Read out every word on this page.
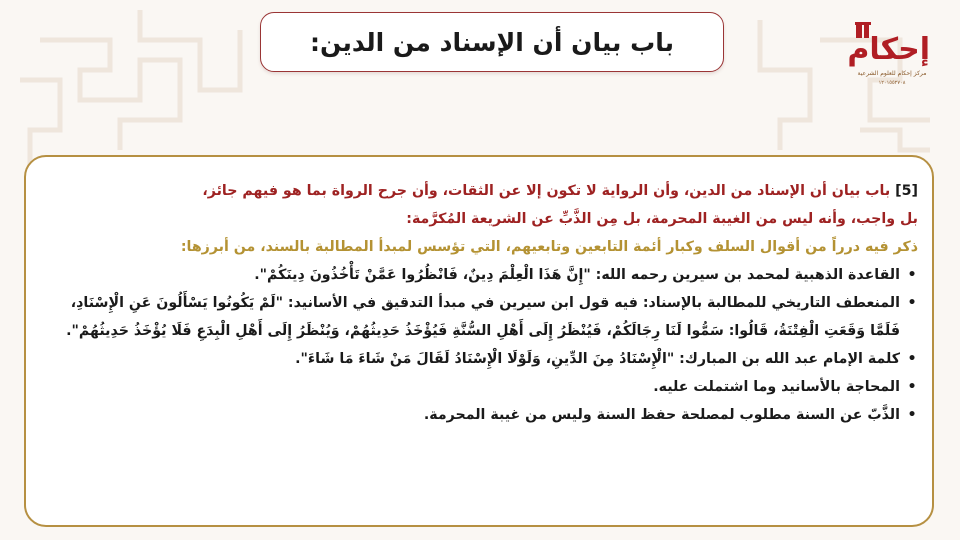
باب بيان أن الإسناد من الدين:	إحكام
مركز إحكام للعلوم الشرعية
١٢٠١٥٥٢٧٠٨

[5] باب بيان أن الإسناد من الدين، وأن الرواية لا تكون إلا عن الثقات، وأن جرح الرواة بما هو فيهم جائز،

بل واجب، وأنه ليس من الغيبة المحرمة، بل مِن الذَّبِّ عن الشريعة المُكرَّمة:

ذكر فيه درراً من أقوال السلف وكبار أئمة التابعين وتابعيهم، التي تؤسس لمبدأ المطالبة بالسند، من أبرزها:

•
القاعدة الذهبية لمحمد بن سيرين رحمه الله: "إِنَّ هَذَا الْعِلْمَ دِينٌ، فَانْظُرُوا عَمَّنْ تَأْخُذُونَ دِينَكُمْ".
•
المنعطف التاريخي للمطالبة بالإسناد: فيه قول ابن سيرين في مبدأ التدقيق في الأسانيد: "لَمْ يَكُونُوا يَسْأَلُونَ عَنِ الْإِسْنَادِ، فَلَمَّا وَقَعَتِ الْفِتْنَةُ، قَالُوا: سَمُّوا لَنَا رِجَالَكُمْ، فَيُنْظَرُ إِلَى أَهْلِ السُّنَّةِ فَيُؤْخَذُ حَدِيثُهُمْ، وَيُنْظَرُ إِلَى أَهْلِ الْبِدَعِ فَلَا يُؤْخَذُ حَدِيثُهُمْ".
•
كلمة الإمام عبد الله بن المبارك: "الْإِسْنَادُ مِنَ الدِّينِ، وَلَوْلَا الْإِسْنَادُ لَقَالَ مَنْ شَاءَ مَا شَاءَ".
•
المحاجة بالأسانيد وما اشتملت عليه.
•
الذَّبّ عن السنة مطلوب لمصلحة حفظ السنة وليس من غيبة المحرمة.
